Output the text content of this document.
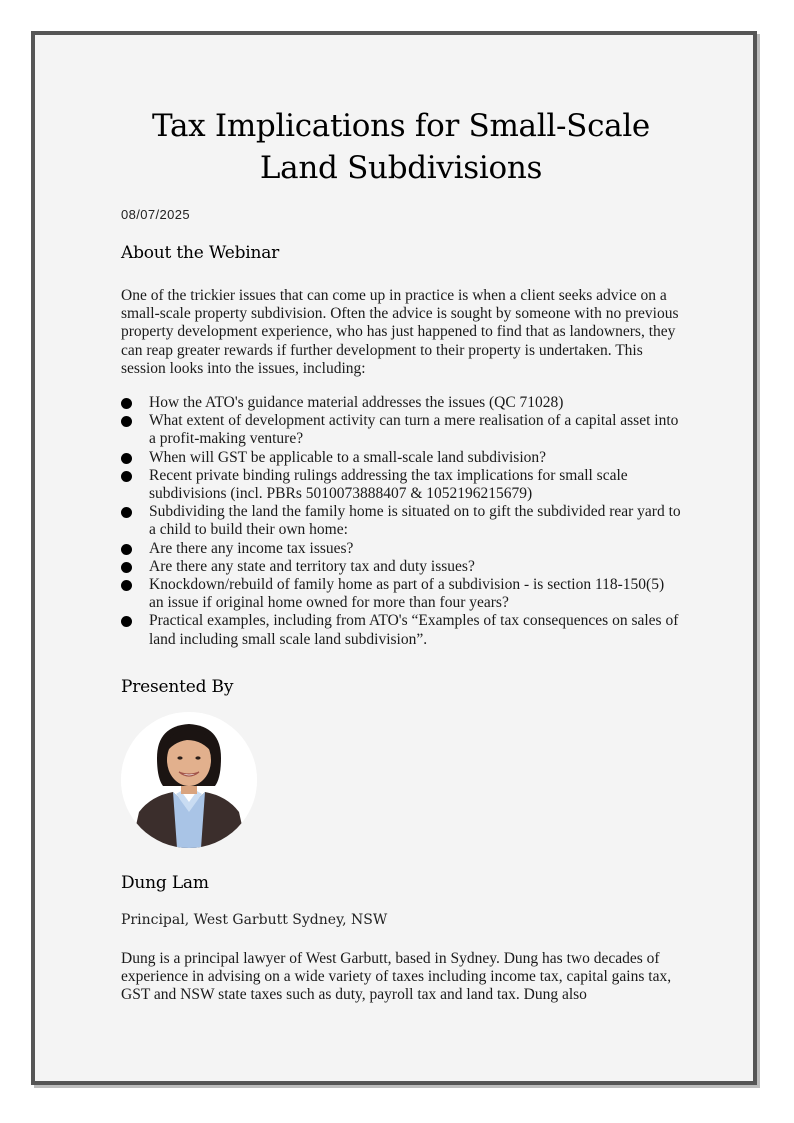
Tax Implications for Small-Scale Land Subdivisions
08/07/2025
About the Webinar
One of the trickier issues that can come up in practice is when a client seeks advice on a small-scale property subdivision. Often the advice is sought by someone with no previous property development experience, who has just happened to find that as landowners, they can reap greater rewards if further development to their property is undertaken. This session looks into the issues, including:
How the ATO's guidance material addresses the issues (QC 71028)
What extent of development activity can turn a mere realisation of a capital asset into a profit-making venture?
When will GST be applicable to a small-scale land subdivision?
Recent private binding rulings addressing the tax implications for small scale subdivisions (incl. PBRs 5010073888407 & 1052196215679)
Subdividing the land the family home is situated on to gift the subdivided rear yard to a child to build their own home:
Are there any income tax issues?
Are there any state and territory tax and duty issues?
Knockdown/rebuild of family home as part of a subdivision - is section 118-150(5) an issue if original home owned for more than four years?
Practical examples, including from ATO's “Examples of tax consequences on sales of land including small scale land subdivision”.
Presented By
Dung Lam
Principal, West Garbutt Sydney, NSW
Dung is a principal lawyer of West Garbutt, based in Sydney. Dung has two decades of experience in advising on a wide variety of taxes including income tax, capital gains tax, GST and NSW state taxes such as duty, payroll tax and land tax. Dung also
